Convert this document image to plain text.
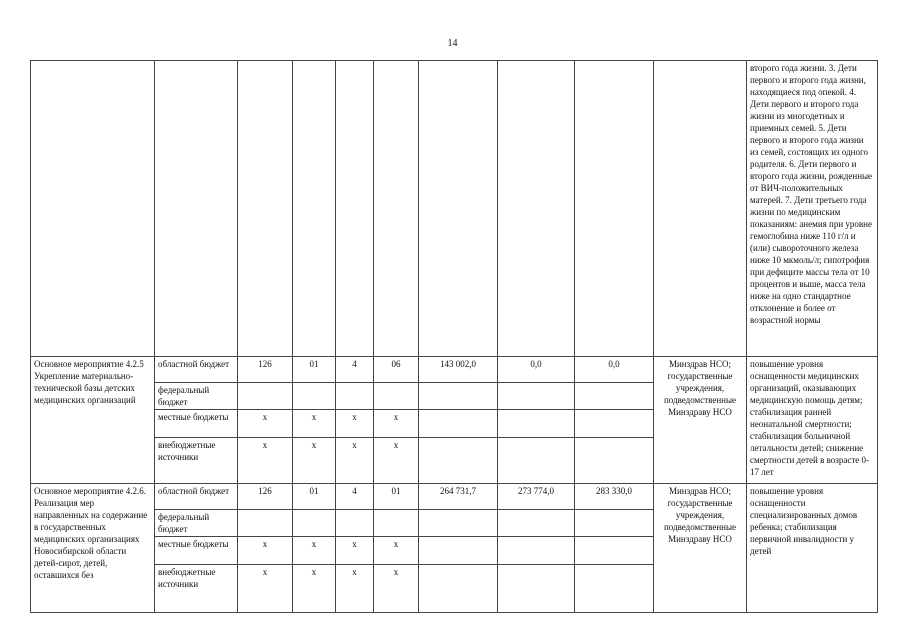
14
										второго года жизни. 3. Дети первого и второго года жизни, находящиеся под опекой. 4. Дети первого и второго года жизни из многодетных и приемных семей. 5. Дети первого и второго года жизни из семей, состоящих из одного родителя. 6. Дети первого и второго года жизни, рожденные от ВИЧ-положительных матерей. 7. Дети третьего года жизни по медицинским показаниям: анемия при уровне гемоглобина ниже 110 г/л и (или) сывороточного железа ниже 10 мкмоль/л; гипотрофия при дефиците массы тела от 10 процентов и выше, масса тела ниже на одно стандартное отклонение и более от возрастной нормы
Основное мероприятие 4.2.5 Укрепление материально-технической базы детских медицинских организаций	областной бюджет	126	01	4	06	143 002,0	0,0	0,0	Минздрав НСО; государственные учреждения, подведомственные Минздраву НСО	повышение уровня оснащенности медицинских организаций, оказывающих медицинскую помощь детям; стабилизация ранней неонатальной смертности; стабилизация больничной летальности детей; снижение смертности детей в возрасте 0-17 лет
	федеральный бюджет									
	местные бюджеты	x	x	x	x					
	внебюджетные источники	x	x	x	x					
Основное мероприятие 4.2.6. Реализация мер направленных на содержание в государственных медицинских организациях Новосибирской области детей-сирот, детей, оставшихся без	областной бюджет	126	01	4	01	264 731,7	273 774,0	283 330,0	Минздрав НСО; государственные учреждения, подведомственные Минздраву НСО	повышение уровня оснащенности специализированных домов ребенка; стабилизация первичной инвалидности у детей
	федеральный бюджет									
	местные бюджеты	x	x	x	x					
	внебюджетные источники	x	x	x	x					
